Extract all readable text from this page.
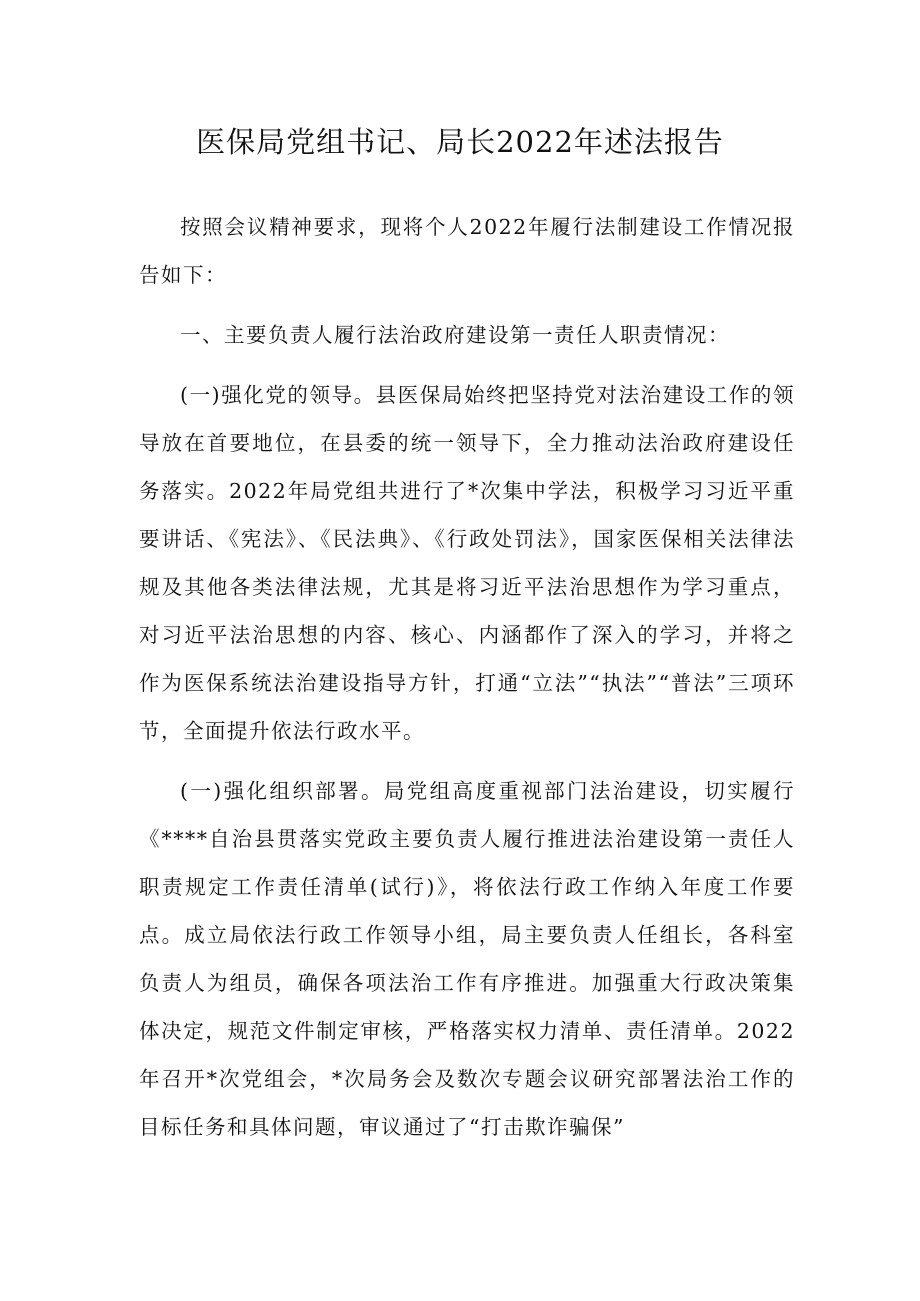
医保局党组书记、局长2022年述法报告

按照会议精神要求，现将个人2022年履行法制建设工作情况报告如下：

一、主要负责人履行法治政府建设第一责任人职责情况：

(一)强化党的领导。县医保局始终把坚持党对法治建设工作的领导放在首要地位，在县委的统一领导下，全力推动法治政府建设任务落实。2022年局党组共进行了*次集中学法，积极学习习近平重要讲话、《宪法》、《民法典》、《行政处罚法》，国家医保相关法律法规及其他各类法律法规，尤其是将习近平法治思想作为学习重点，对习近平法治思想的内容、核心、内涵都作了深入的学习，并将之作为医保系统法治建设指导方针，打通“立法”“执法”“普法”三项环节，全面提升依法行政水平。

(一)强化组织部署。局党组高度重视部门法治建设，切实履行《****自治县贯落实党政主要负责人履行推进法治建设第一责任人职责规定工作责任清单(试行)》，将依法行政工作纳入年度工作要点。成立局依法行政工作领导小组，局主要负责人任组长，各科室负责人为组员，确保各项法治工作有序推进。加强重大行政决策集体决定，规范文件制定审核，严格落实权力清单、责任清单。2022年召开*次党组会，*次局务会及数次专题会议研究部署法治工作的目标任务和具体问题，审议通过了“打击欺诈骗保”
